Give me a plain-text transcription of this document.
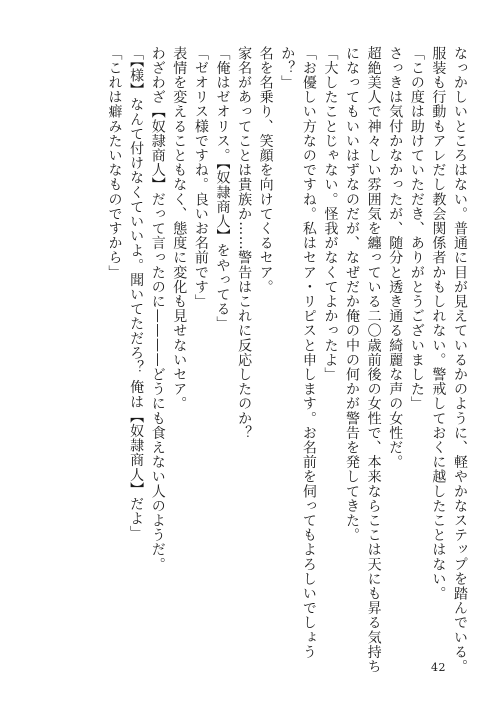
なっかしいところはない。普通に目が見えているかのように、軽やかなステップを踏んでいる。
服装も行動もアレだし教会関係者かもしれない。警戒しておくに越したことはない。
「この度は助けていただき、ありがとうございました」
さっきは気付かなかったが、随分と透き通る綺麗な声の女性だ。
超絶美人で神々しい雰囲気を纏っている二〇歳前後の女性で、本来ならここは天にも昇る気持ち
になってもいいはずなのだが、なぜだか俺の中の何かが警告を発してきた。
「大したことじゃない。怪我がなくてよかったよ」
「お優しい方なのですね。私はセア・リピスと申します。お名前を伺ってもよろしいでしょう
か？」
名を名乗り、笑顔を向けてくるセア。
家名があってことは貴族か……警告はこれに反応したのか？
「俺はゼオリス。【奴隷商人】をやってる」
「ゼオリス様ですね。良いお名前です」
表情を変えることもなく、態度に変化も見せないセア。
わざわざ【奴隷商人】だって言ったのに————どうにも食えない人のようだ。
「【様】なんて付けなくていいよ。聞いてただろ？ 俺は【奴隷商人】だよ」
「これは癖みたいなものですから」
42
